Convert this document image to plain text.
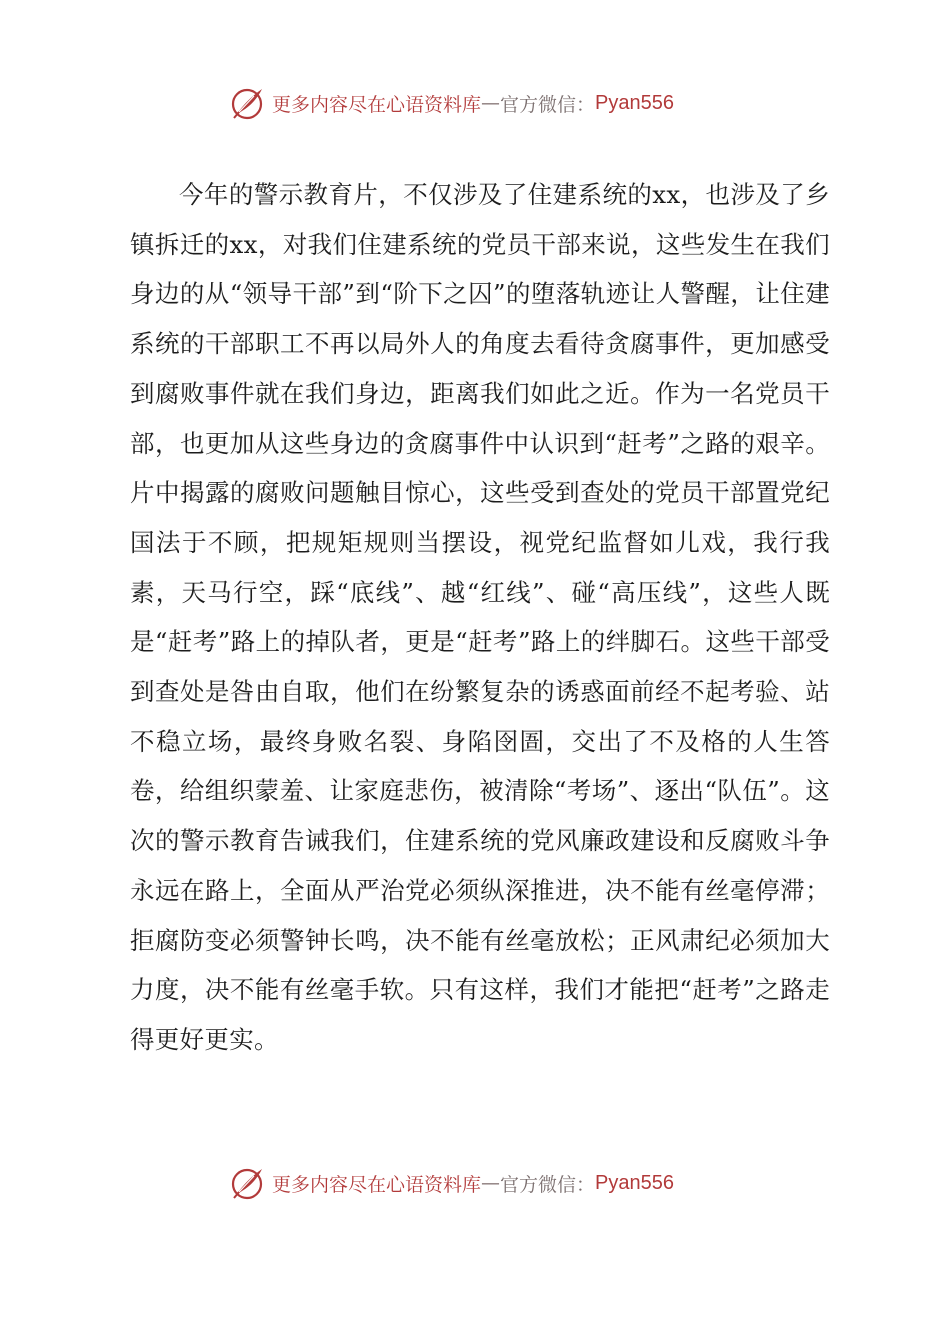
更多内容尽在心语资料库 — 官方微信： Pyan556

今年的警示教育片，不仅涉及了住建系统的xx，也涉及了乡镇拆迁的xx，对我们住建系统的党员干部来说，这些发生在我们身边的从“领导干部”到“阶下之囚”的堕落轨迹让人警醒，让住建系统的干部职工不再以局外人的角度去看待贪腐事件，更加感受到腐败事件就在我们身边，距离我们如此之近。作为一名党员干部，也更加从这些身边的贪腐事件中认识到“赶考”之路的艰辛。片中揭露的腐败问题触目惊心，这些受到查处的党员干部置党纪国法于不顾，把规矩规则当摆设，视党纪监督如儿戏，我行我素，天马行空，踩“底线”、越“红线”、碰“高压线”，这些人既是“赶考”路上的掉队者，更是“赶考”路上的绊脚石。这些干部受到查处是咎由自取，他们在纷繁复杂的诱惑面前经不起考验、站不稳立场，最终身败名裂、身陷囹圄，交出了不及格的人生答卷，给组织蒙羞、让家庭悲伤，被清除“考场”、逐出“队伍”。这次的警示教育告诫我们，住建系统的党风廉政建设和反腐败斗争永远在路上，全面从严治党必须纵深推进，决不能有丝毫停滞；拒腐防变必须警钟长鸣，决不能有丝毫放松；正风肃纪必须加大力度，决不能有丝毫手软。只有这样，我们才能把“赶考”之路走得更好更实。

更多内容尽在心语资料库 — 官方微信： Pyan556
